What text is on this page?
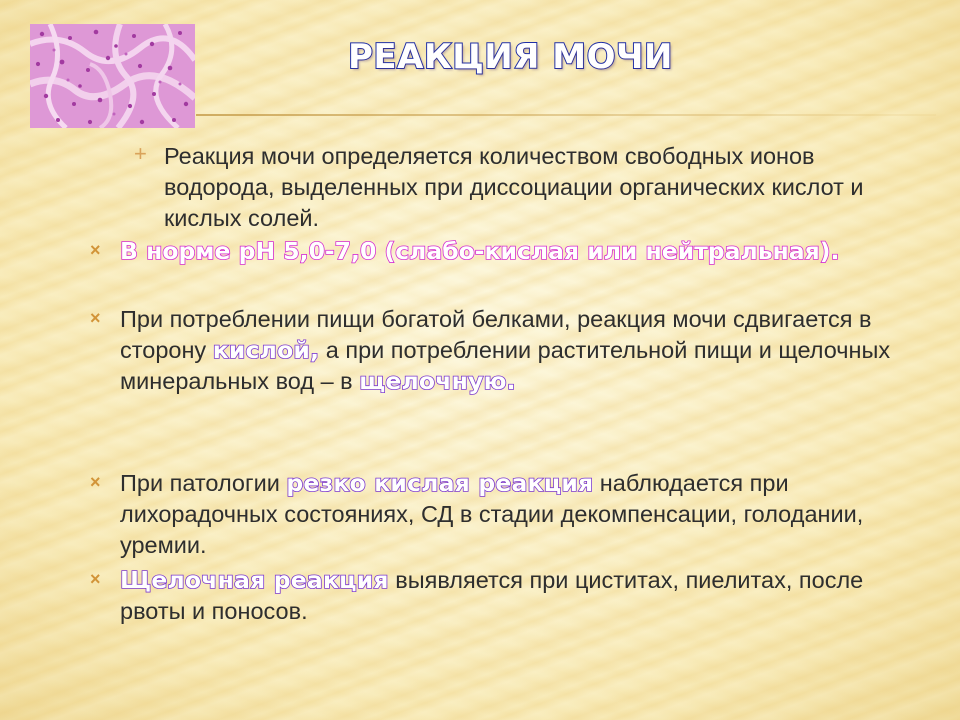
РЕАКЦИЯ МОЧИ
+ Реакция мочи определяется количеством свободных ионов водорода, выделенных при диссоциации органических кислот и кислых солей.

× В норме рН 5,0-7,0 (слабо-кислая или нейтральная).

× При потреблении пищи богатой белками, реакция мочи сдвигается в сторону кислой, а при потреблении растительной пищи и щелочных минеральных вод – в щелочную.

× При патологии резко кислая реакция наблюдается при лихорадочных состояниях, СД в стадии декомпенсации, голодании, уремии.

× Щелочная реакция выявляется при циститах, пиелитах, после рвоты и поносов.
